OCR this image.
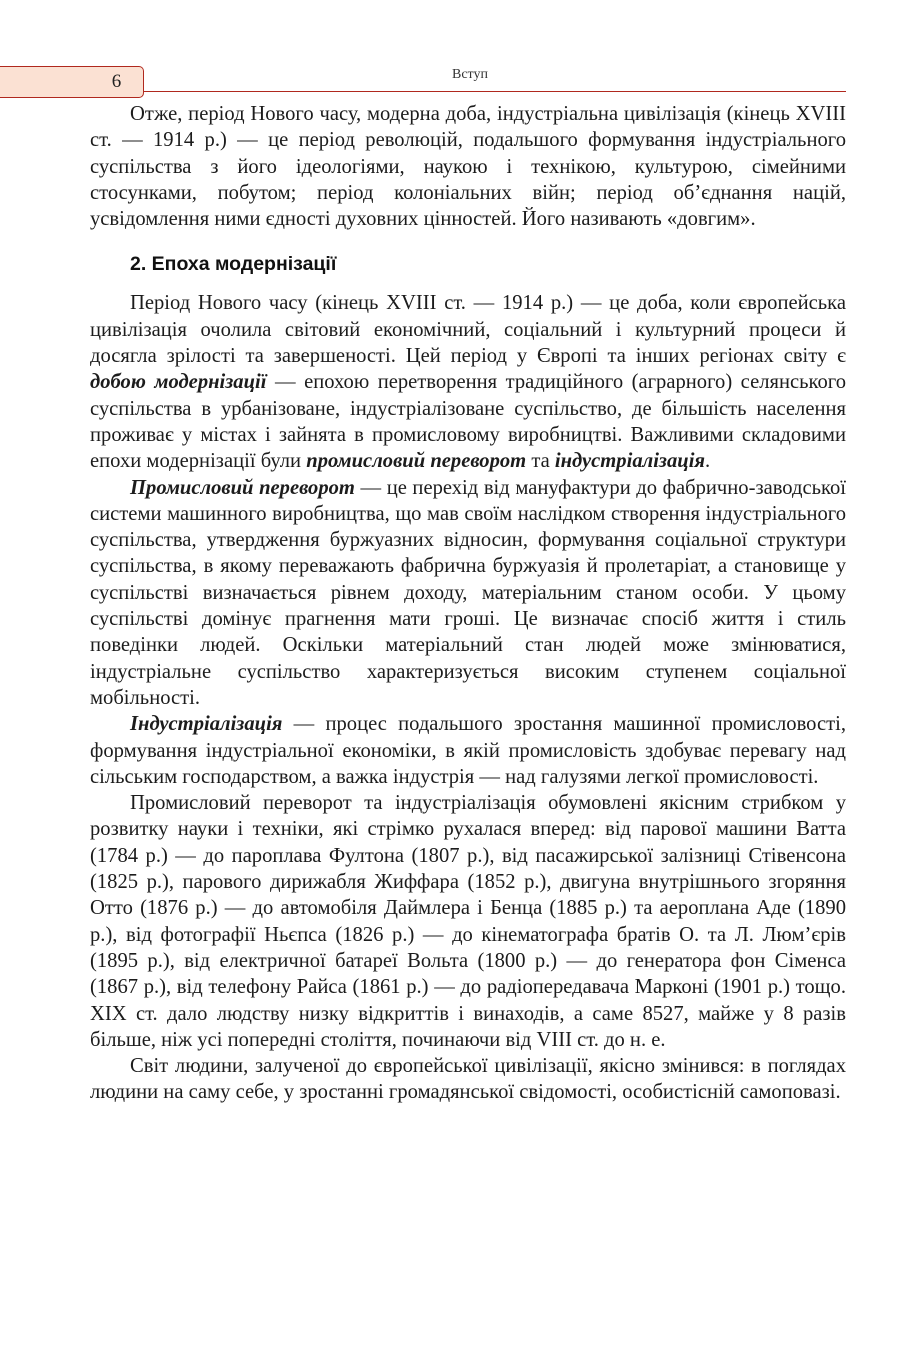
6	Вступ

Отже, період Нового часу, модерна доба, індустріальна цивілізація (кінець XVIII ст. — 1914 р.) — це період революцій, подальшого формування індустріального суспільства з його ідеологіями, наукою і технікою, культурою, сімейними стосунками, побутом; період колоніальних війн; період об’єднання націй, усвідомлення ними єдності духовних цінностей. Його називають «довгим».

2. Епоха модернізації

Період Нового часу (кінець XVIII ст. — 1914 р.) — це доба, коли європейська цивілізація очолила світовий економічний, соціальний і культурний процеси й досягла зрілості та завершеності. Цей період у Європі та інших регіонах світу є добою модернізації — епохою перетворення традиційного (аграрного) селянського суспільства в урбанізоване, індустріалізоване суспільство, де більшість населення проживає у містах і зайнята в промисловому виробництві. Важливими складовими епохи модернізації були промисловий переворот та індустріалізація.

Промисловий переворот — це перехід від мануфактури до фабрично-заводської системи машинного виробництва, що мав своїм наслідком створення індустріального суспільства, утвердження буржуазних відносин, формування соціальної структури суспільства, в якому переважають фабрична буржуазія й пролетаріат, а становище у суспільстві визначається рівнем доходу, матеріальним станом особи. У цьому суспільстві домінує прагнення мати гроші. Це визначає спосіб життя і стиль поведінки людей. Оскільки матеріальний стан людей може змінюватися, індустріальне суспільство характеризується високим ступенем соціальної мобільності.

Індустріалізація — процес подальшого зростання машинної промисловості, формування індустріальної економіки, в якій промисловість здобуває перевагу над сільським господарством, а важка індустрія — над галузями легкої промисловості.

Промисловий переворот та індустріалізація обумовлені якісним стрибком у розвитку науки і техніки, які стрімко рухалася вперед: від парової машини Ватта (1784 р.) — до пароплава Фултона (1807 р.), від пасажирської залізниці Стівенсона (1825 р.), парового дирижабля Жиффара (1852 р.), двигуна внутрішнього згоряння Отто (1876 р.) — до автомобіля Даймлера і Бенца (1885 р.) та аероплана Аде (1890 р.), від фотографії Ньєпса (1826 р.) — до кінематографа братів О. та Л. Люм’єрів (1895 р.), від електричної батареї Вольта (1800 р.) — до генератора фон Сіменса (1867 р.), від телефону Райса (1861 р.) — до радіопередавача Марконі (1901 р.) тощо. XIX ст. дало людству низку відкриттів і винаходів, а саме 8527, майже у 8 разів більше, ніж усі попередні століття, починаючи від VIII ст. до н. е.

Світ людини, залученої до європейської цивілізації, якісно змінився: в поглядах людини на саму себе, у зростанні громадянської свідомості, особистісній самоповазі.
